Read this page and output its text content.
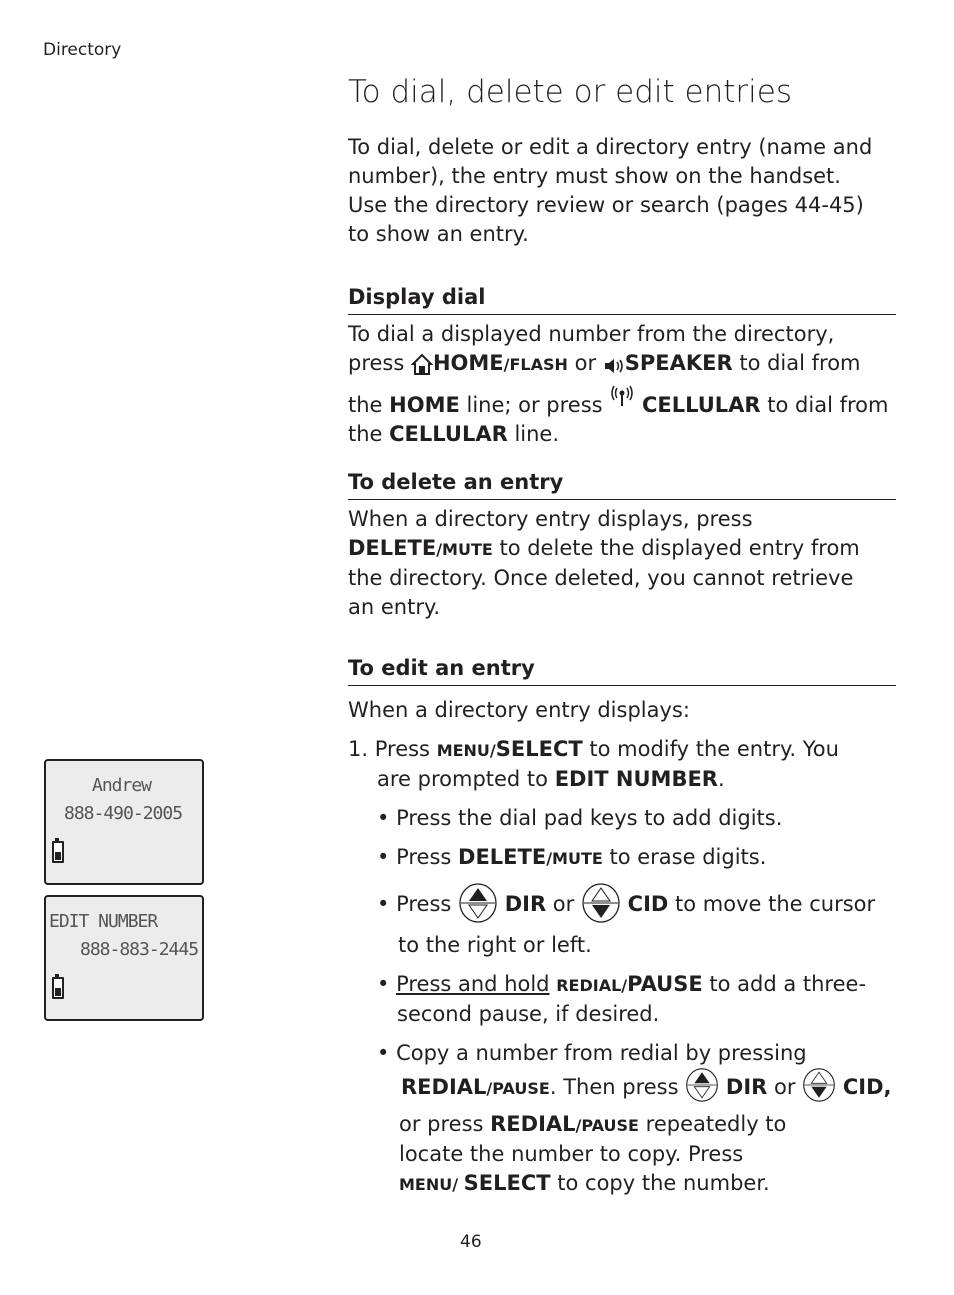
Directory
To dial, delete or edit entries
To dial, delete or edit a directory entry (name and
number), the entry must show on the handset.
Use the directory review or search (pages 44-45)
to show an entry.
Display dial
To dial a displayed number from the directory,
press HOME/FLASH or SPEAKER to dial from
the HOME line; or press  CELLULAR to dial from
the CELLULAR line.
To delete an entry
When a directory entry displays, press
DELETE/MUTE to delete the displayed entry from
the directory. Once deleted, you cannot retrieve
an entry.
To edit an entry
When a directory entry displays:
1. Press MENU/SELECT to modify the entry. You
are prompted to EDIT NUMBER.
• Press the dial pad keys to add digits.
• Press DELETE/MUTE to erase digits.
• Press  DIR or  CID to move the cursor
to the right or left.
• Press and hold REDIAL/PAUSE to add a three-
second pause, if desired.
• Copy a number from redial by pressing
REDIAL/PAUSE. Then press  DIR or  CID,
or press REDIAL/PAUSE repeatedly to
locate the number to copy. Press
MENU/ SELECT to copy the number.
Andrew
888-490-2005
EDIT NUMBER
888-883-2445
46
